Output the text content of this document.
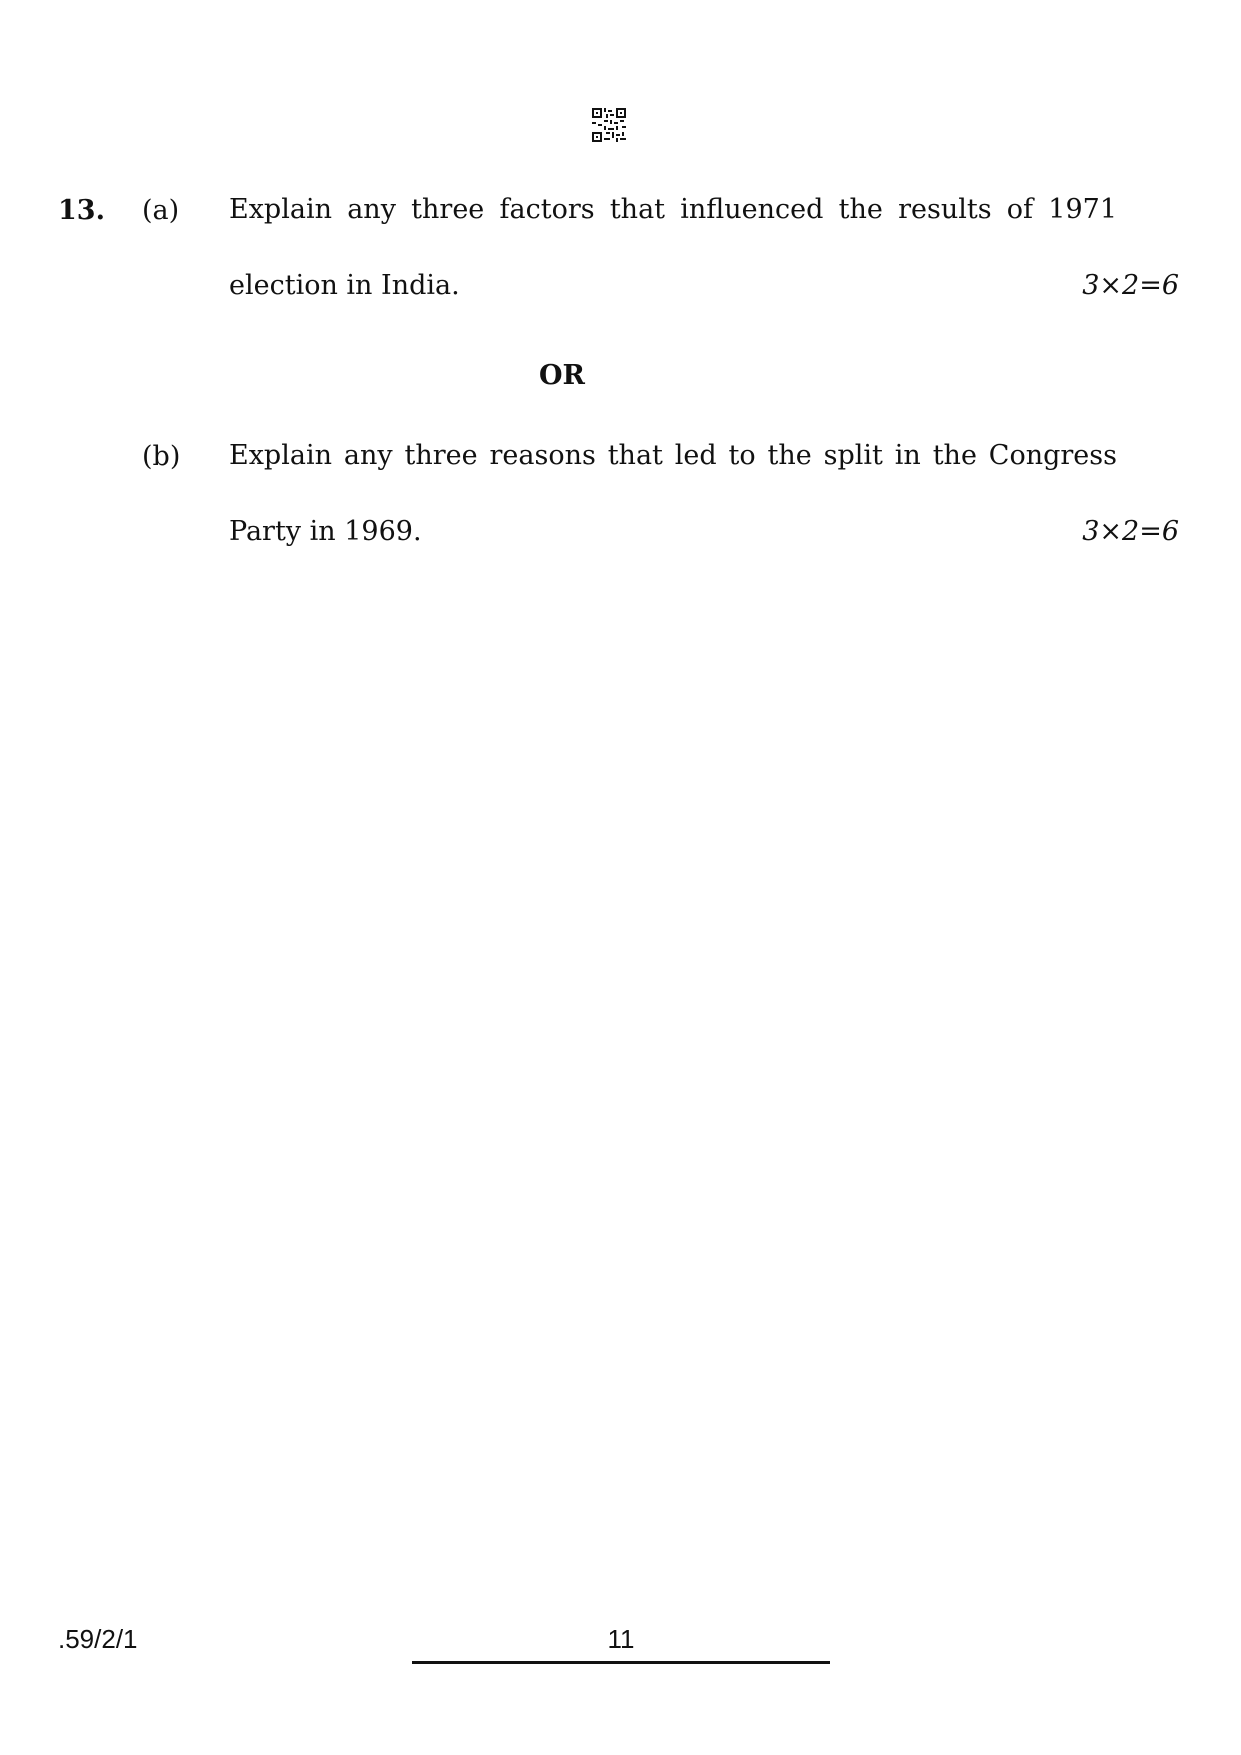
13. (a) Explain any three factors that influenced the results of 1971
election in India.	3×2=6
OR
(b) Explain any three reasons that led to the split in the Congress
Party in 1969.	3×2=6
.59/2/1	11
